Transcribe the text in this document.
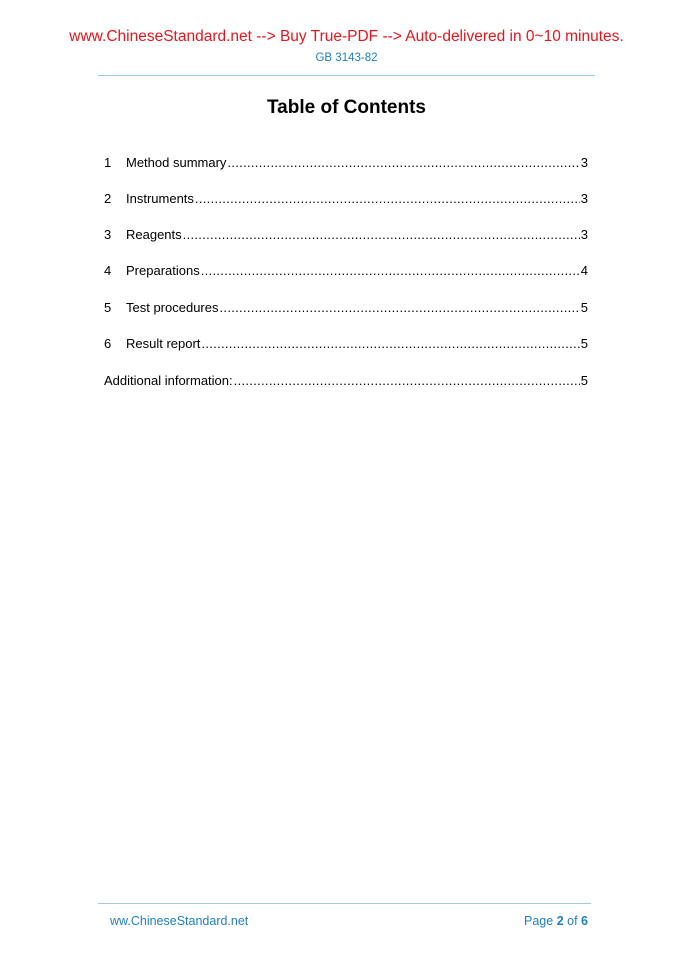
www.ChineseStandard.net --> Buy True-PDF --> Auto-delivered in 0~10 minutes.
GB 3143-82
Table of Contents
1	Method summary .....	3
2	Instruments .....	3
3	Reagents .....	3
4	Preparations .....	4
5	Test procedures .....	5
6	Result report .....	5
Additional information: .....	5
ww.ChineseStandard.net	Page 2 of 6
